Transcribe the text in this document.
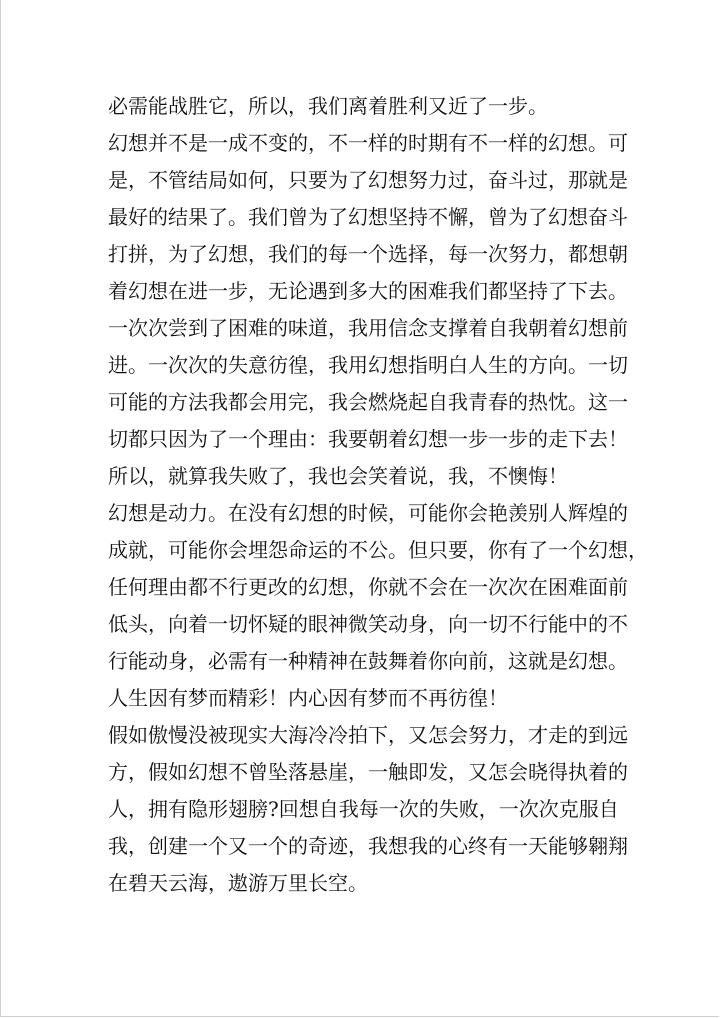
必需能战胜它，所以，我们离着胜利又近了一步。
幻想并不是一成不变的，不一样的时期有不一样的幻想。可
是，不管结局如何，只要为了幻想努力过，奋斗过，那就是
最好的结果了。我们曾为了幻想坚持不懈，曾为了幻想奋斗
打拼，为了幻想，我们的每一个选择，每一次努力，都想朝
着幻想在进一步，无论遇到多大的困难我们都坚持了下去。
一次次尝到了困难的味道，我用信念支撑着自我朝着幻想前
进。一次次的失意彷徨，我用幻想指明白人生的方向。一切
可能的方法我都会用完，我会燃烧起自我青春的热忱。这一
切都只因为了一个理由：我要朝着幻想一步一步的走下去！
所以，就算我失败了，我也会笑着说，我，不懊悔！
幻想是动力。在没有幻想的时候，可能你会艳羡别人辉煌的
成就，可能你会埋怨命运的不公。但只要，你有了一个幻想，
任何理由都不行更改的幻想，你就不会在一次次在困难面前
低头，向着一切怀疑的眼神微笑动身，向一切不行能中的不
行能动身，必需有一种精神在鼓舞着你向前，这就是幻想。
人生因有梦而精彩！内心因有梦而不再彷徨！
假如傲慢没被现实大海冷冷拍下，又怎会努力，才走的到远
方，假如幻想不曾坠落悬崖，一触即发，又怎会晓得执着的
人，拥有隐形翅膀?回想自我每一次的失败，一次次克服自
我，创建一个又一个的奇迹，我想我的心终有一天能够翱翔
在碧天云海，遨游万里长空。
